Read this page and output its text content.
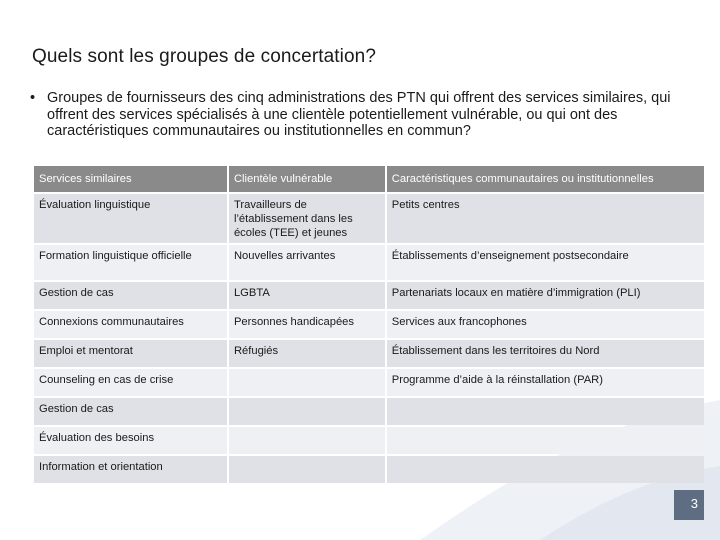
Quels sont les groupes de concertation?
• Groupes de fournisseurs des cinq administrations des PTN qui offrent des services similaires, qui offrent des services spécialisés à une clientèle potentiellement vulnérable, ou qui ont des caractéristiques communautaires ou institutionnelles en commun?
Services similaires	Clientèle vulnérable	Caractéristiques communautaires ou institutionnelles
Évaluation linguistique	Travailleurs de l’établissement dans les écoles (TEE) et jeunes	Petits centres
Formation linguistique officielle	Nouvelles arrivantes	Établissements d’enseignement postsecondaire
Gestion de cas	LGBTA	Partenariats locaux en matière d’immigration (PLI)
Connexions communautaires	Personnes handicapées	Services aux francophones
Emploi et mentorat	Réfugiés	Établissement dans les territoires du Nord
Counseling en cas de crise		Programme d’aide à la réinstallation (PAR)
Gestion de cas		
Évaluation des besoins		
Information et orientation		
3
